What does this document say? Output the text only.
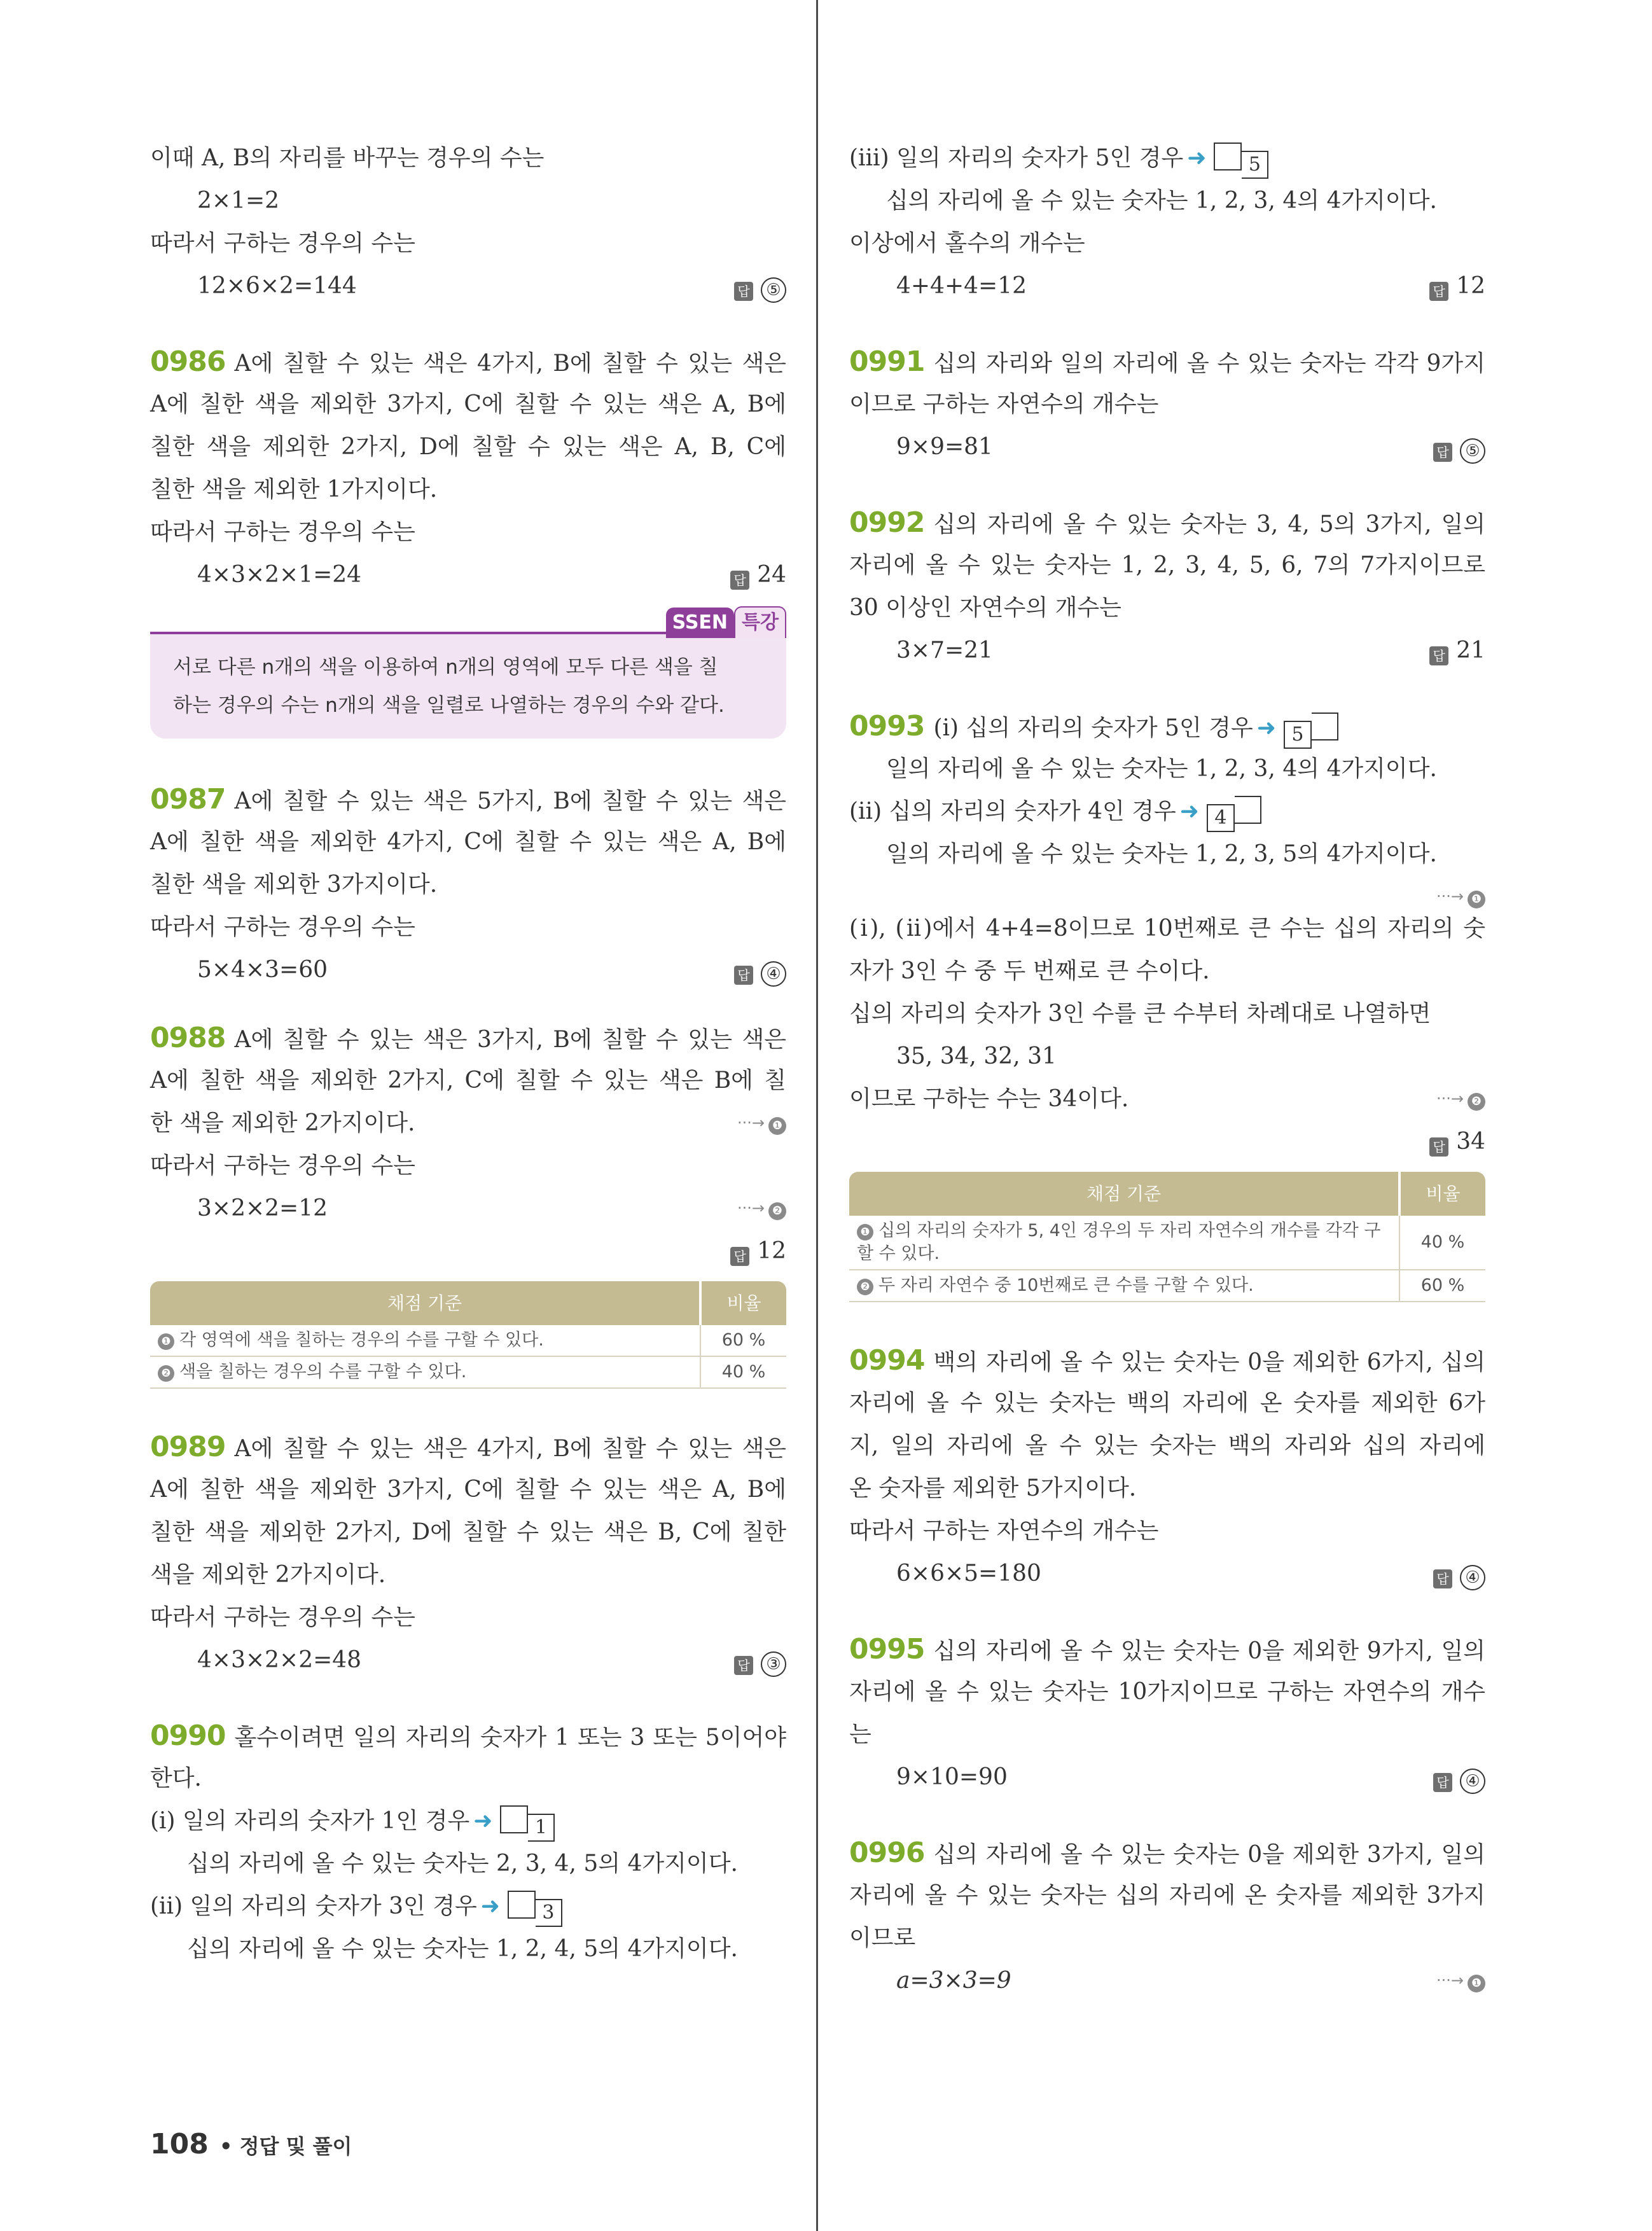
이때 A, B의 자리를 바꾸는 경우의 수는
2×1=2
따라서 구하는 경우의 수는
12×6×2=144	답 ⑤
0986 A에 칠할 수 있는 색은 4가지, B에 칠할 수 있는 색은
A에 칠한 색을 제외한 3가지, C에 칠할 수 있는 색은 A, B에
칠한 색을 제외한 2가지, D에 칠할 수 있는 색은 A, B, C에
칠한 색을 제외한 1가지이다.
따라서 구하는 경우의 수는
4×3×2×1=24	답 24
SSEN 특강
서로 다른 n개의 색을 이용하여 n개의 영역에 모두 다른 색을 칠
하는 경우의 수는 n개의 색을 일렬로 나열하는 경우의 수와 같다.
0987 A에 칠할 수 있는 색은 5가지, B에 칠할 수 있는 색은
A에 칠한 색을 제외한 4가지, C에 칠할 수 있는 색은 A, B에
칠한 색을 제외한 3가지이다.
따라서 구하는 경우의 수는
5×4×3=60	답 ④
0988 A에 칠할 수 있는 색은 3가지, B에 칠할 수 있는 색은
A에 칠한 색을 제외한 2가지, C에 칠할 수 있는 색은 B에 칠
한 색을 제외한 2가지이다.	···→ ❶
따라서 구하는 경우의 수는
3×2×2=12	···→ ❷
답 12
채점 기준	비율
❶ 각 영역에 색을 칠하는 경우의 수를 구할 수 있다.	60 %
❷ 색을 칠하는 경우의 수를 구할 수 있다.	40 %
0989 A에 칠할 수 있는 색은 4가지, B에 칠할 수 있는 색은
A에 칠한 색을 제외한 3가지, C에 칠할 수 있는 색은 A, B에
칠한 색을 제외한 2가지, D에 칠할 수 있는 색은 B, C에 칠한
색을 제외한 2가지이다.
따라서 구하는 경우의 수는
4×3×2×2=48	답 ③
0990 홀수이려면 일의 자리의 숫자가 1 또는 3 또는 5이어야
한다.
(ⅰ) 일의 자리의 숫자가 1인 경우 ➜ 1
십의 자리에 올 수 있는 숫자는 2, 3, 4, 5의 4가지이다.
(ⅱ) 일의 자리의 숫자가 3인 경우 ➜ 3
십의 자리에 올 수 있는 숫자는 1, 2, 4, 5의 4가지이다.
(ⅲ) 일의 자리의 숫자가 5인 경우 ➜ 5
십의 자리에 올 수 있는 숫자는 1, 2, 3, 4의 4가지이다.
이상에서 홀수의 개수는
4+4+4=12	답 12
0991 십의 자리와 일의 자리에 올 수 있는 숫자는 각각 9가지
이므로 구하는 자연수의 개수는
9×9=81	답 ⑤
0992 십의 자리에 올 수 있는 숫자는 3, 4, 5의 3가지, 일의
자리에 올 수 있는 숫자는 1, 2, 3, 4, 5, 6, 7의 7가지이므로
30 이상인 자연수의 개수는
3×7=21	답 21
0993 (ⅰ) 십의 자리의 숫자가 5인 경우 ➜ 5
일의 자리에 올 수 있는 숫자는 1, 2, 3, 4의 4가지이다.
(ⅱ) 십의 자리의 숫자가 4인 경우 ➜ 4
일의 자리에 올 수 있는 숫자는 1, 2, 3, 5의 4가지이다.
···→ ❶
(ⅰ), (ⅱ)에서 4+4=8이므로 10번째로 큰 수는 십의 자리의 숫
자가 3인 수 중 두 번째로 큰 수이다.
십의 자리의 숫자가 3인 수를 큰 수부터 차례대로 나열하면
35, 34, 32, 31
이므로 구하는 수는 34이다.	···→ ❷
답 34
채점 기준	비율
❶ 십의 자리의 숫자가 5, 4인 경우의 두 자리 자연수의 개수를 각각 구할 수 있다.	40 %
❷ 두 자리 자연수 중 10번째로 큰 수를 구할 수 있다.	60 %
0994 백의 자리에 올 수 있는 숫자는 0을 제외한 6가지, 십의
자리에 올 수 있는 숫자는 백의 자리에 온 숫자를 제외한 6가
지, 일의 자리에 올 수 있는 숫자는 백의 자리와 십의 자리에
온 숫자를 제외한 5가지이다.
따라서 구하는 자연수의 개수는
6×6×5=180	답 ④
0995 십의 자리에 올 수 있는 숫자는 0을 제외한 9가지, 일의
자리에 올 수 있는 숫자는 10가지이므로 구하는 자연수의 개수
는
9×10=90	답 ④
0996 십의 자리에 올 수 있는 숫자는 0을 제외한 3가지, 일의
자리에 올 수 있는 숫자는 십의 자리에 온 숫자를 제외한 3가지
이므로
a=3×3=9	···→ ❶
108 • 정답 및 풀이
